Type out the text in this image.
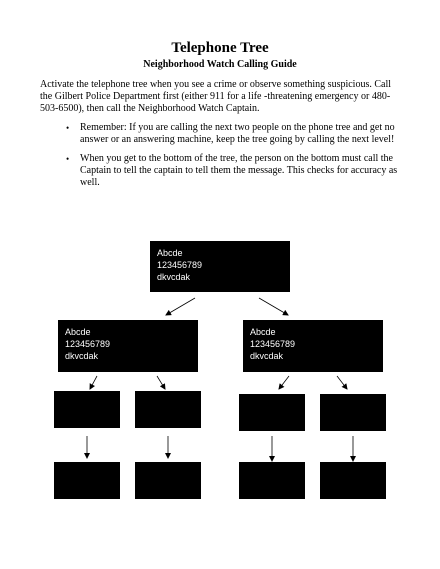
Telephone Tree
Neighborhood Watch Calling Guide
Activate the telephone tree when you see a crime or observe something suspicious. Call the Gilbert Police Department first (either 911 for a life -threatening emergency or 480-503-6500), then call the Neighborhood Watch Captain.
• Remember: If you are calling the next two people on the phone tree and get no answer or an answering machine, keep the tree going by calling the next level!
• When you get to the bottom of the tree, the person on the bottom must call the Captain to tell the captain to tell them the message. This checks for accuracy as well.
Abcde
123456789
dkvcdak
Abcde
123456789
dkvcdak
Abcde
123456789
dkvcdak
